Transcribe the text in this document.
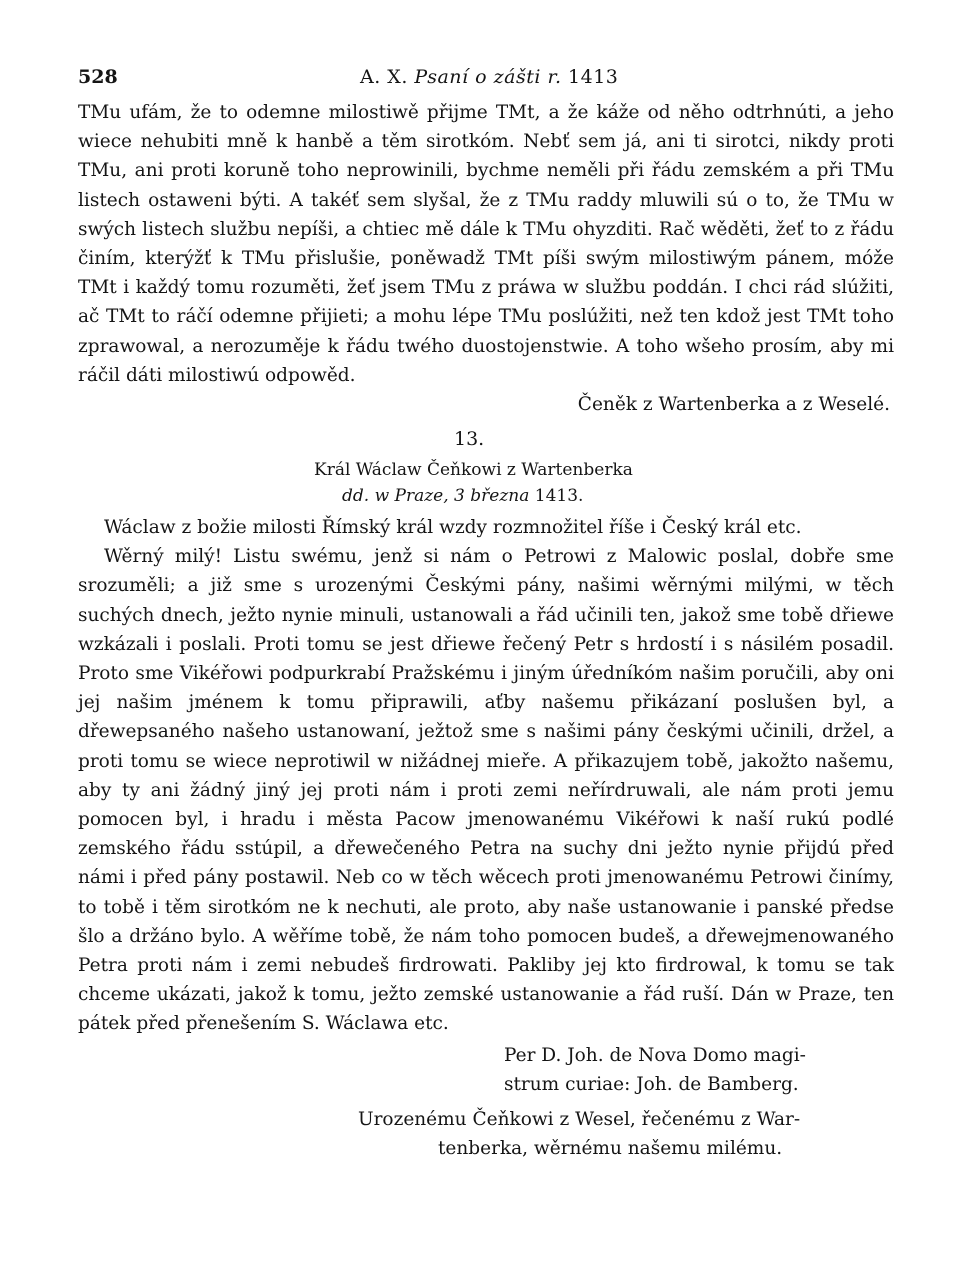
528	A. X. Psaní o zášti r. 1413

TMu ufám, že to odemne milostiwě přijme TMt, a že káže od něho odtrhnúti, a jeho wiece nehubiti mně k hanbě a těm sirotkóm. Nebť sem já, ani ti sirotci, nikdy proti TMu, ani proti koruně toho neprowinili, bychme neměli při řádu zemském a při TMu listech ostaweni býti. A takéť sem slyšal, že z TMu raddy mluwili sú o to, že TMu w swých listech službu nepíši, a chtiec mě dále k TMu ohyzditi. Rač wěděti, žeť to z řádu činím, kterýžť k TMu přislušie, poněwadž TMt píši swým milostiwým pánem, móže TMt i každý tomu rozuměti, žeť jsem TMu z práwa w službu poddán. I chci rád slúžiti, ač TMt to ráčí odemne přijieti; a mohu lépe TMu poslúžiti, než ten kdož jest TMt toho zprawowal, a nerozuměje k řádu twého duostojenstwie. A toho wšeho prosím, aby mi ráčil dáti milostiwú odpowěd.

Čeněk z Wartenberka a z Weselé.

13.

Král Wáclaw Čeňkowi z Wartenberka

dd. w Praze, 3 března 1413.

Wáclaw z božie milosti Římský král wzdy rozmnožitel říše i Český král etc.

Wěrný milý! Listu swému, jenž si nám o Petrowi z Malowic poslal, dobře sme srozuměli; a již sme s urozenými Českými pány, našimi wěrnými milými, w těch suchých dnech, ježto nynie minuli, ustanowali a řád učinili ten, jakož sme tobě dřiewe wzkázali i poslali. Proti tomu se jest dřiewe řečený Petr s hrdostí i s násilém posadil. Proto sme Vikéřowi podpurkrabí Pražskému i jiným úředníkóm našim poručili, aby oni jej našim jménem k tomu připrawili, aťby našemu přikázaní poslušen byl, a dřewepsaného našeho ustanowaní, ježtož sme s našimi pány českými učinili, držel, a proti tomu se wiece neprotiwil w nižádnej mieře. A přikazujem tobě, jakožto našemu, aby ty ani žádný jiný jej proti nám i proti zemi neřírdruwali, ale nám proti jemu pomocen byl, i hradu i města Pacow jmenowanému Vikéřowi k naší rukú podlé zemského řádu sstúpil, a dřewečeného Petra na suchy dni ježto nynie přijdú před námi i před pány postawil. Neb co w těch wěcech proti jmenowanému Petrowi činímy, to tobě i těm sirotkóm ne k nechuti, ale proto, aby naše ustanowanie i panské předse šlo a držáno bylo. A wěříme tobě, že nám toho pomocen budeš, a dřewejmenowaného Petra proti nám i zemi nebudeš firdrowati. Pakliby jej kto firdrowal, k tomu se tak chceme ukázati, jakož k tomu, ježto zemské ustanowanie a řád ruší. Dán w Praze, ten pátek před přenešením S. Wáclawa etc.

Per D. Joh. de Nova Domo magi-
strum curiae: Joh. de Bamberg.
Urozenému Čeňkowi z Wesel, řečenému z War-
tenberka, wěrnému našemu milému.
